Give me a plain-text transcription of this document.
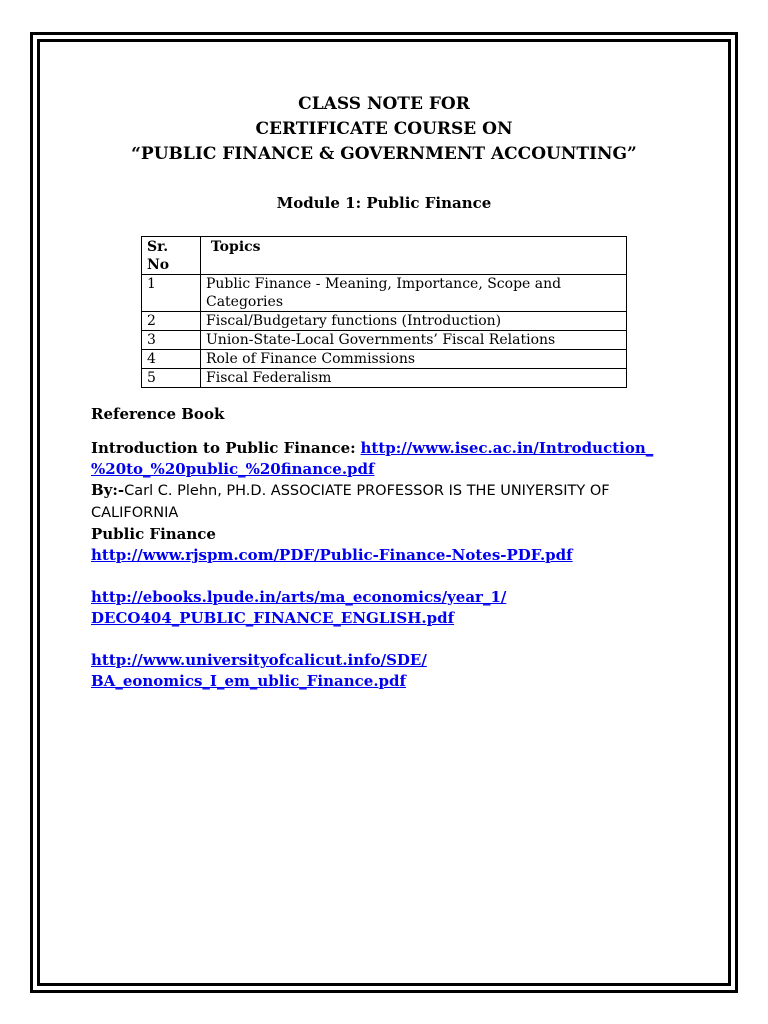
CLASS NOTE FOR
CERTIFICATE COURSE ON
“PUBLIC FINANCE & GOVERNMENT ACCOUNTING”
Module 1: Public Finance
Sr. No	Topics
1	Public Finance - Meaning, Importance, Scope and Categories
2	Fiscal/Budgetary functions (Introduction)
3	Union-State-Local Governments’ Fiscal Relations
4	Role of Finance Commissions
5	Fiscal Federalism

Reference Book

Introduction to Public Finance: http://www.isec.ac.in/Introduction_ %20to_%20public_%20finance.pdf

By:-Carl C. Plehn, PH.D. ASSOCIATE PROFESSOR IS THE UNIYERSITY OF CALIFORNIA

Public Finance

http://www.rjspm.com/PDF/Public-Finance-Notes-PDF.pdf

http://ebooks.lpude.in/arts/ma_economics/year_1/ DECO404_PUBLIC_FINANCE_ENGLISH.pdf

http://www.universityofcalicut.info/SDE/ BA_eonomics_I_em_ublic_Finance.pdf
